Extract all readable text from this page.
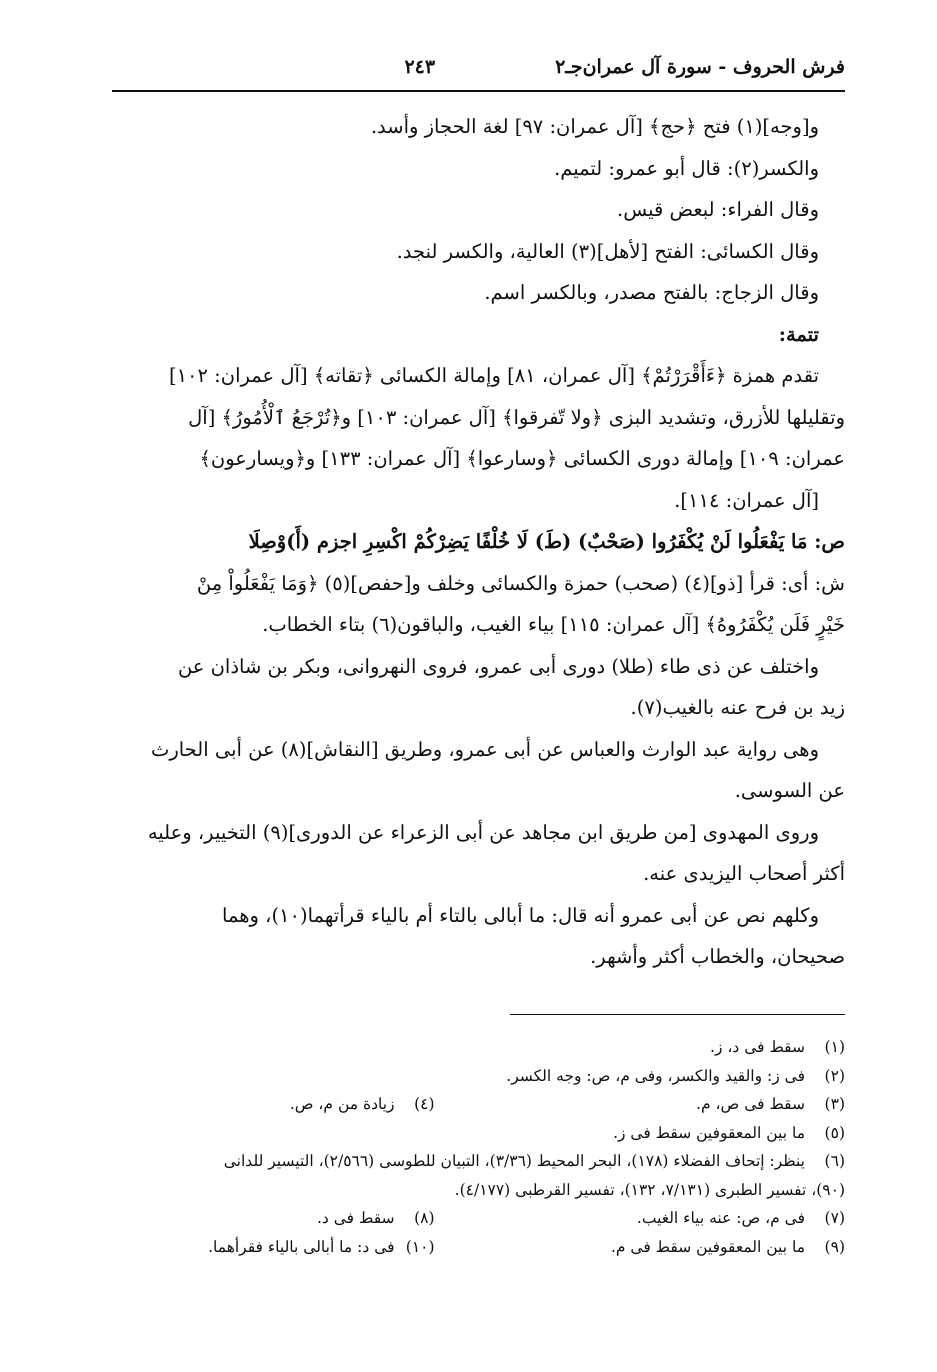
فرش الحروف - سورة آل عمران
جـ٢
٢٤٣

و[وجه](١) فتح ﴿حج﴾ [آل عمران: ٩٧] لغة الحجاز وأسد.

والكسر(٢): قال أبو عمرو: لتميم.

وقال الفراء: لبعض قيس.

وقال الكسائى: الفتح [لأهل](٣) العالية، والكسر لنجد.

وقال الزجاج: بالفتح مصدر، وبالكسر اسم.

تتمة:

تقدم همزة ﴿ءَأَقْرَرْتُمْ﴾ [آل عمران، ٨١] وإمالة الكسائى ﴿تقاته﴾ [آل عمران: ١٠٢]

وتقليلها للأزرق، وتشديد البزى ﴿ولا تّفرقوا﴾ [آل عمران: ١٠٣] و﴿تُرْجَعُ ٱلْأُمُورُ﴾ [آل

عمران: ١٠٩] وإمالة دورى الكسائى ﴿وسارعوا﴾ [آل عمران: ١٣٣] و﴿ويسارعون﴾

[آل عمران: ١١٤].

ص: مَا يَفْعَلُوا لَنْ يُكْفَرُوا (صَحْبٌ) (طَ) لَا خُلْفًا يَضِرْكُمْ اكْسِرِ اجزم (أَ)وْصِلَا

ش: أى: قرأ [ذو](٤) (صحب) حمزة والكسائى وخلف و[حفص](٥) ﴿وَمَا يَفْعَلُواْ مِنْ

خَيْرٍ فَلَن يُكْفَرُوهُ﴾ [آل عمران: ١١٥] بياء الغيب، والباقون(٦) بتاء الخطاب.

واختلف عن ذى طاء (طلا) دورى أبى عمرو، فروى النهروانى، وبكر بن شاذان عن

زيد بن فرح عنه بالغيب(٧).

وهى رواية عبد الوارث والعباس عن أبى عمرو، وطريق [النقاش](٨) عن أبى الحارث

عن السوسى.

وروى المهدوى [من طريق ابن مجاهد عن أبى الزعراء عن الدورى](٩) التخيير، وعليه

أكثر أصحاب اليزيدى عنه.

وكلهم نص عن أبى عمرو أنه قال: ما أبالى بالتاء أم بالياء قرأتهما(١٠)، وهما

صحيحان، والخطاب أكثر وأشهر.

(١)
سقط فى د، ز.
(٢)
فى ز: والقيد والكسر، وفى م، ص: وجه الكسر.
(٣)
سقط فى ص، م.
(٤)
زيادة من م، ص.
(٥)
ما بين المعقوفين سقط فى ز.
(٦)
ينظر: إتحاف الفضلاء (١٧٨)، البحر المحيط (٣/٣٦)، التبيان للطوسى (٢/٥٦٦)، التيسير للدانى
(٩٠)، تفسير الطبرى (٧/١٣١، ١٣٢)، تفسير القرطبى (٤/١٧٧).
(٧)
فى م، ص: عنه بياء الغيب.
(٨)
سقط فى د.
(٩)
ما بين المعقوفين سقط فى م.
(١٠)
فى د: ما أبالى بالياء فقرأهما.
